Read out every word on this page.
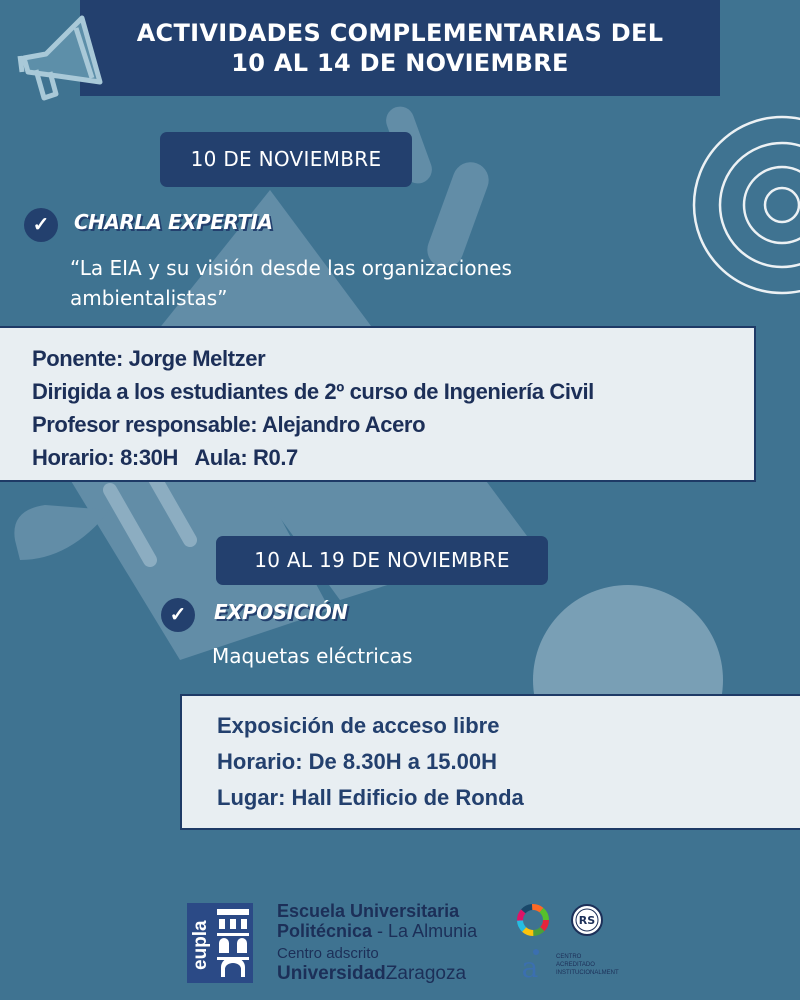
ACTIVIDADES COMPLEMENTARIAS DEL
10 AL 14 DE NOVIEMBRE
10 DE NOVIEMBRE
✓	CHARLA EXPERTIA
“La EIA y su visión desde las organizaciones ambientalistas”
Ponente: Jorge Meltzer
Dirigida a los estudiantes de 2º curso de Ingeniería Civil
Profesor responsable: Alejandro Acero
Horario: 8:30H   Aula: R0.7
10 AL 19 DE NOVIEMBRE
✓	EXPOSICIÓN
Maquetas eléctricas
Exposición de acceso libre
Horario: De 8.30H a 15.00H
Lugar: Hall Edificio de Ronda
eupla
Escuela Universitaria
Politécnica - La Almunia
Centro adscrito
UniversidadZaragoza
RS
a	CENTRO
ACREDITADO
INSTITUCIONALMENT
